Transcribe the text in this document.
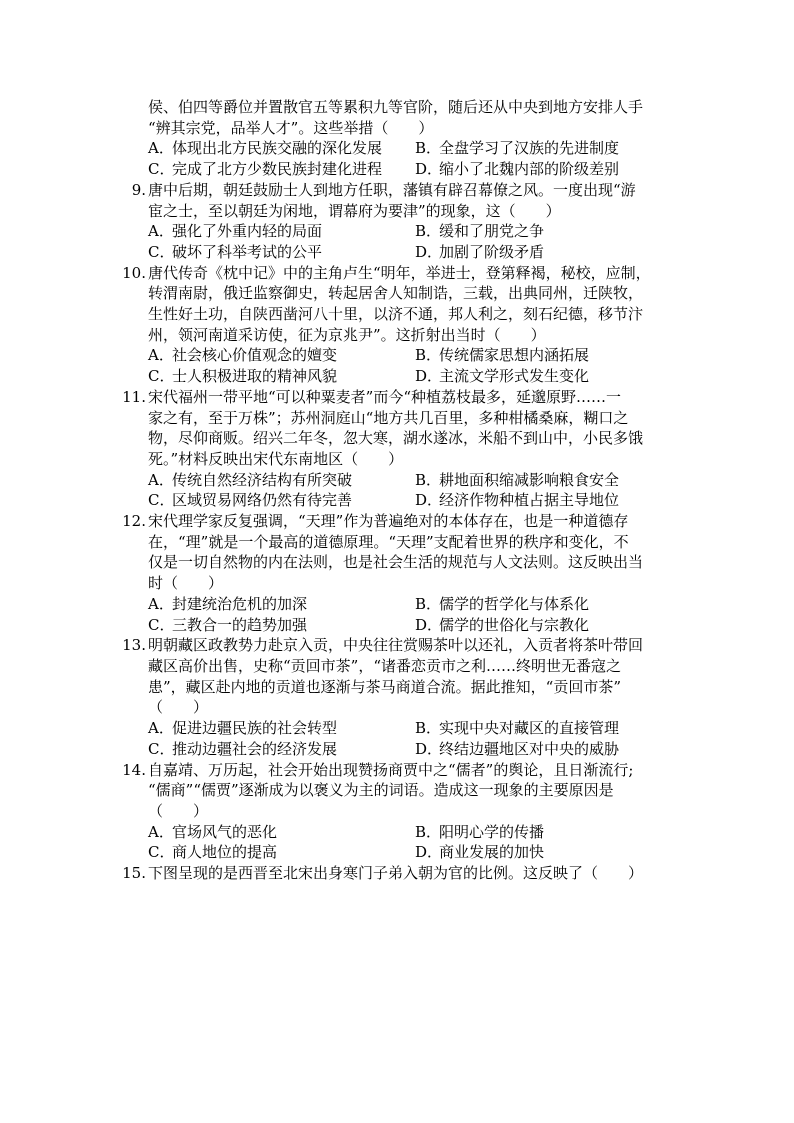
侯、伯四等爵位并置散官五等累积九等官阶，随后还从中央到地方安排人手

“辨其宗党，品举人才”。这些举措（　　）

A．体现出北方民族交融的深化发展	B．全盘学习了汉族的先进制度
C．完成了北方少数民族封建化进程	D．缩小了北魏内部的阶级差别
9. 唐中后期，朝廷鼓励士人到地方任职，藩镇有辟召幕僚之风。一度出现“游

宦之士，至以朝廷为闲地，谓幕府为要津”的现象，这（　　）

A．强化了外重内轻的局面	B．缓和了朋党之争
C．破坏了科举考试的公平	D．加剧了阶级矛盾
10. 唐代传奇《枕中记》中的主角卢生“明年，举进士，登第释褐，秘校，应制，

转渭南尉，俄迁监察御史，转起居舍人知制诰，三载，出典同州，迁陕牧，

生性好土功，自陕西凿河八十里，以济不通，邦人利之，刻石纪德，移节汴

州，领河南道采访使，征为京兆尹”。这折射出当时（　　）

A．社会核心价值观念的嬗变	B．传统儒家思想内涵拓展
C．士人积极进取的精神风貌	D．主流文学形式发生变化
11. 宋代福州一带平地“可以种粟麦者”而今“种植荔枝最多，延邈原野……一

家之有，至于万株”；苏州洞庭山“地方共几百里，多种柑橘桑麻，糊口之

物，尽仰商贩。绍兴二年冬，忽大寒，湖水遂冰，米船不到山中，小民多饿

死。”材料反映出宋代东南地区（　　）

A．传统自然经济结构有所突破	B．耕地面积缩减影响粮食安全
C．区域贸易网络仍然有待完善	D．经济作物种植占据主导地位
12. 宋代理学家反复强调，“天理”作为普遍绝对的本体存在，也是一种道德存

在，“理”就是一个最高的道德原理。“天理”支配着世界的秩序和变化，不

仅是一切自然物的内在法则，也是社会生活的规范与人文法则。这反映出当

时（　　）

A．封建统治危机的加深	B．儒学的哲学化与体系化
C．三教合一的趋势加强	D．儒学的世俗化与宗教化
13. 明朝藏区政教势力赴京入贡，中央往往赏赐茶叶以还礼，入贡者将茶叶带回

藏区高价出售，史称“贡回市茶”，“诸番恋贡市之利……终明世无番寇之

患”，藏区赴内地的贡道也逐渐与茶马商道合流。据此推知，“贡回市茶”

（　　）

A．促进边疆民族的社会转型	B．实现中央对藏区的直接管理
C．推动边疆社会的经济发展	D．终结边疆地区对中央的威胁
14. 自嘉靖、万历起，社会开始出现赞扬商贾中之“儒者”的舆论，且日渐流行;

“儒商”“儒贾”逐渐成为以褒义为主的词语。造成这一现象的主要原因是

（　　）

A．官场风气的恶化	B．阳明心学的传播
C．商人地位的提高	D．商业发展的加快
15. 下图呈现的是西晋至北宋出身寒门子弟入朝为官的比例。这反映了（　　）
